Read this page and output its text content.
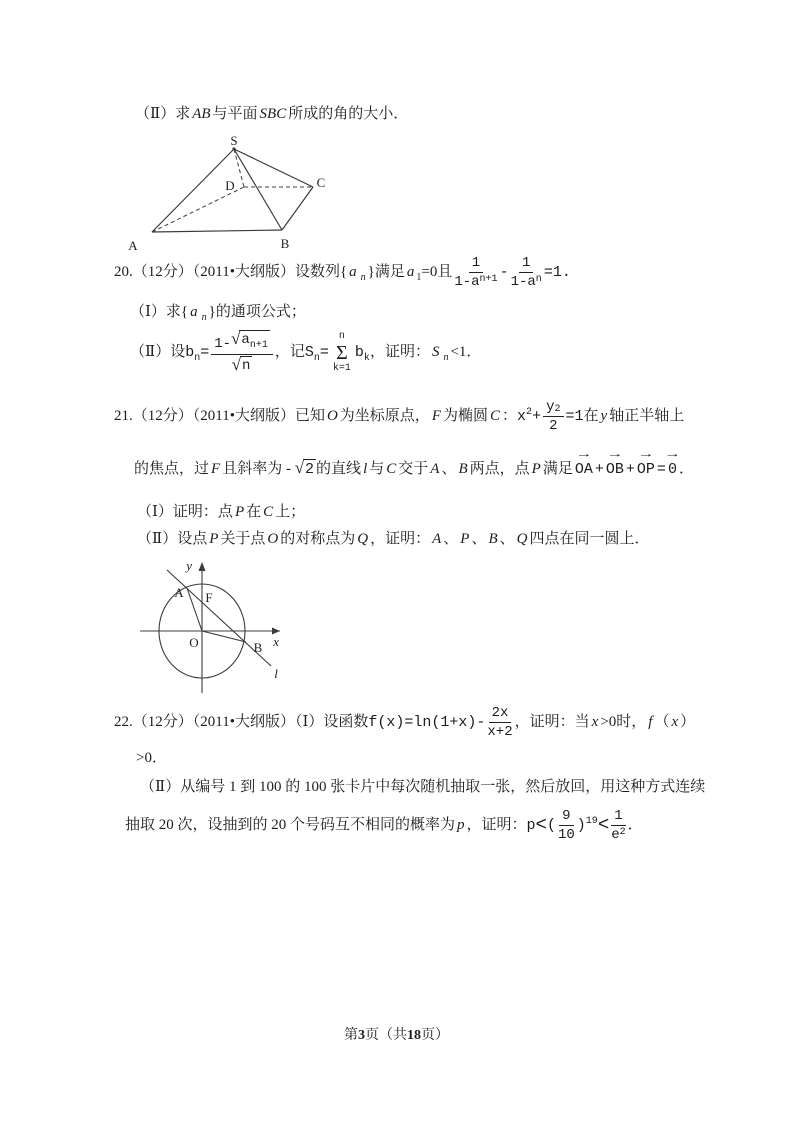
（Ⅱ）求 AB 与平面 SBC 所成的角的大小．
S
A	B
C
D
20.（12分）（2011•大纲版）设数列{ a $_n$ }满足 a $_1$=0且 $\frac{1}{\text{1-a n+1}} - \frac{1}{\text{1-a n}} =1$.
（Ⅰ）求{ a $_n$ }的通项公式；
（Ⅱ）设$b_n= \frac{1- √ a_{n+1}}{√ n}$ ，记$S_n=$
n
Σ
k=1
$b_k$，证明： S $_n$ <1．
21.（12分）（2011•大纲版）已知 O 为坐标原点， F 为椭圆 C ：$x^2+ \frac{y 2}{2} =1$在 y 轴正半轴上
的焦点，过 F 且斜率为 - √ 2 的直线 l 与 C 交于 A 、 B 两点，点 P 满足
→
OA +
→
OB +
→
OP =
→
0 ．
（Ⅰ）证明：点 P 在 C 上；
（Ⅱ）设点 P 关于点 O 的对称点为 Q ，证明： A 、 P 、 B 、 Q 四点在同一圆上．
y
x
O
A F
B
l
22.（12分）（2011•大纲版）（Ⅰ）设函数$f(x)=\ln(1+x)- \frac{2x}{x+2}$ ，证明：当 x >0时， f （ x ）
>0．
（Ⅱ）从编号 1 到 100 的 100 张卡片中每次随机抽取一张，然后放回，用这种方式连续
抽取 20 次，设抽到的 20 个号码互不相同的概率为 p ，证明：$p<( \frac{9}{10} )^{19}< \frac{1}{e 2}$ ．
第3页（共18页）
